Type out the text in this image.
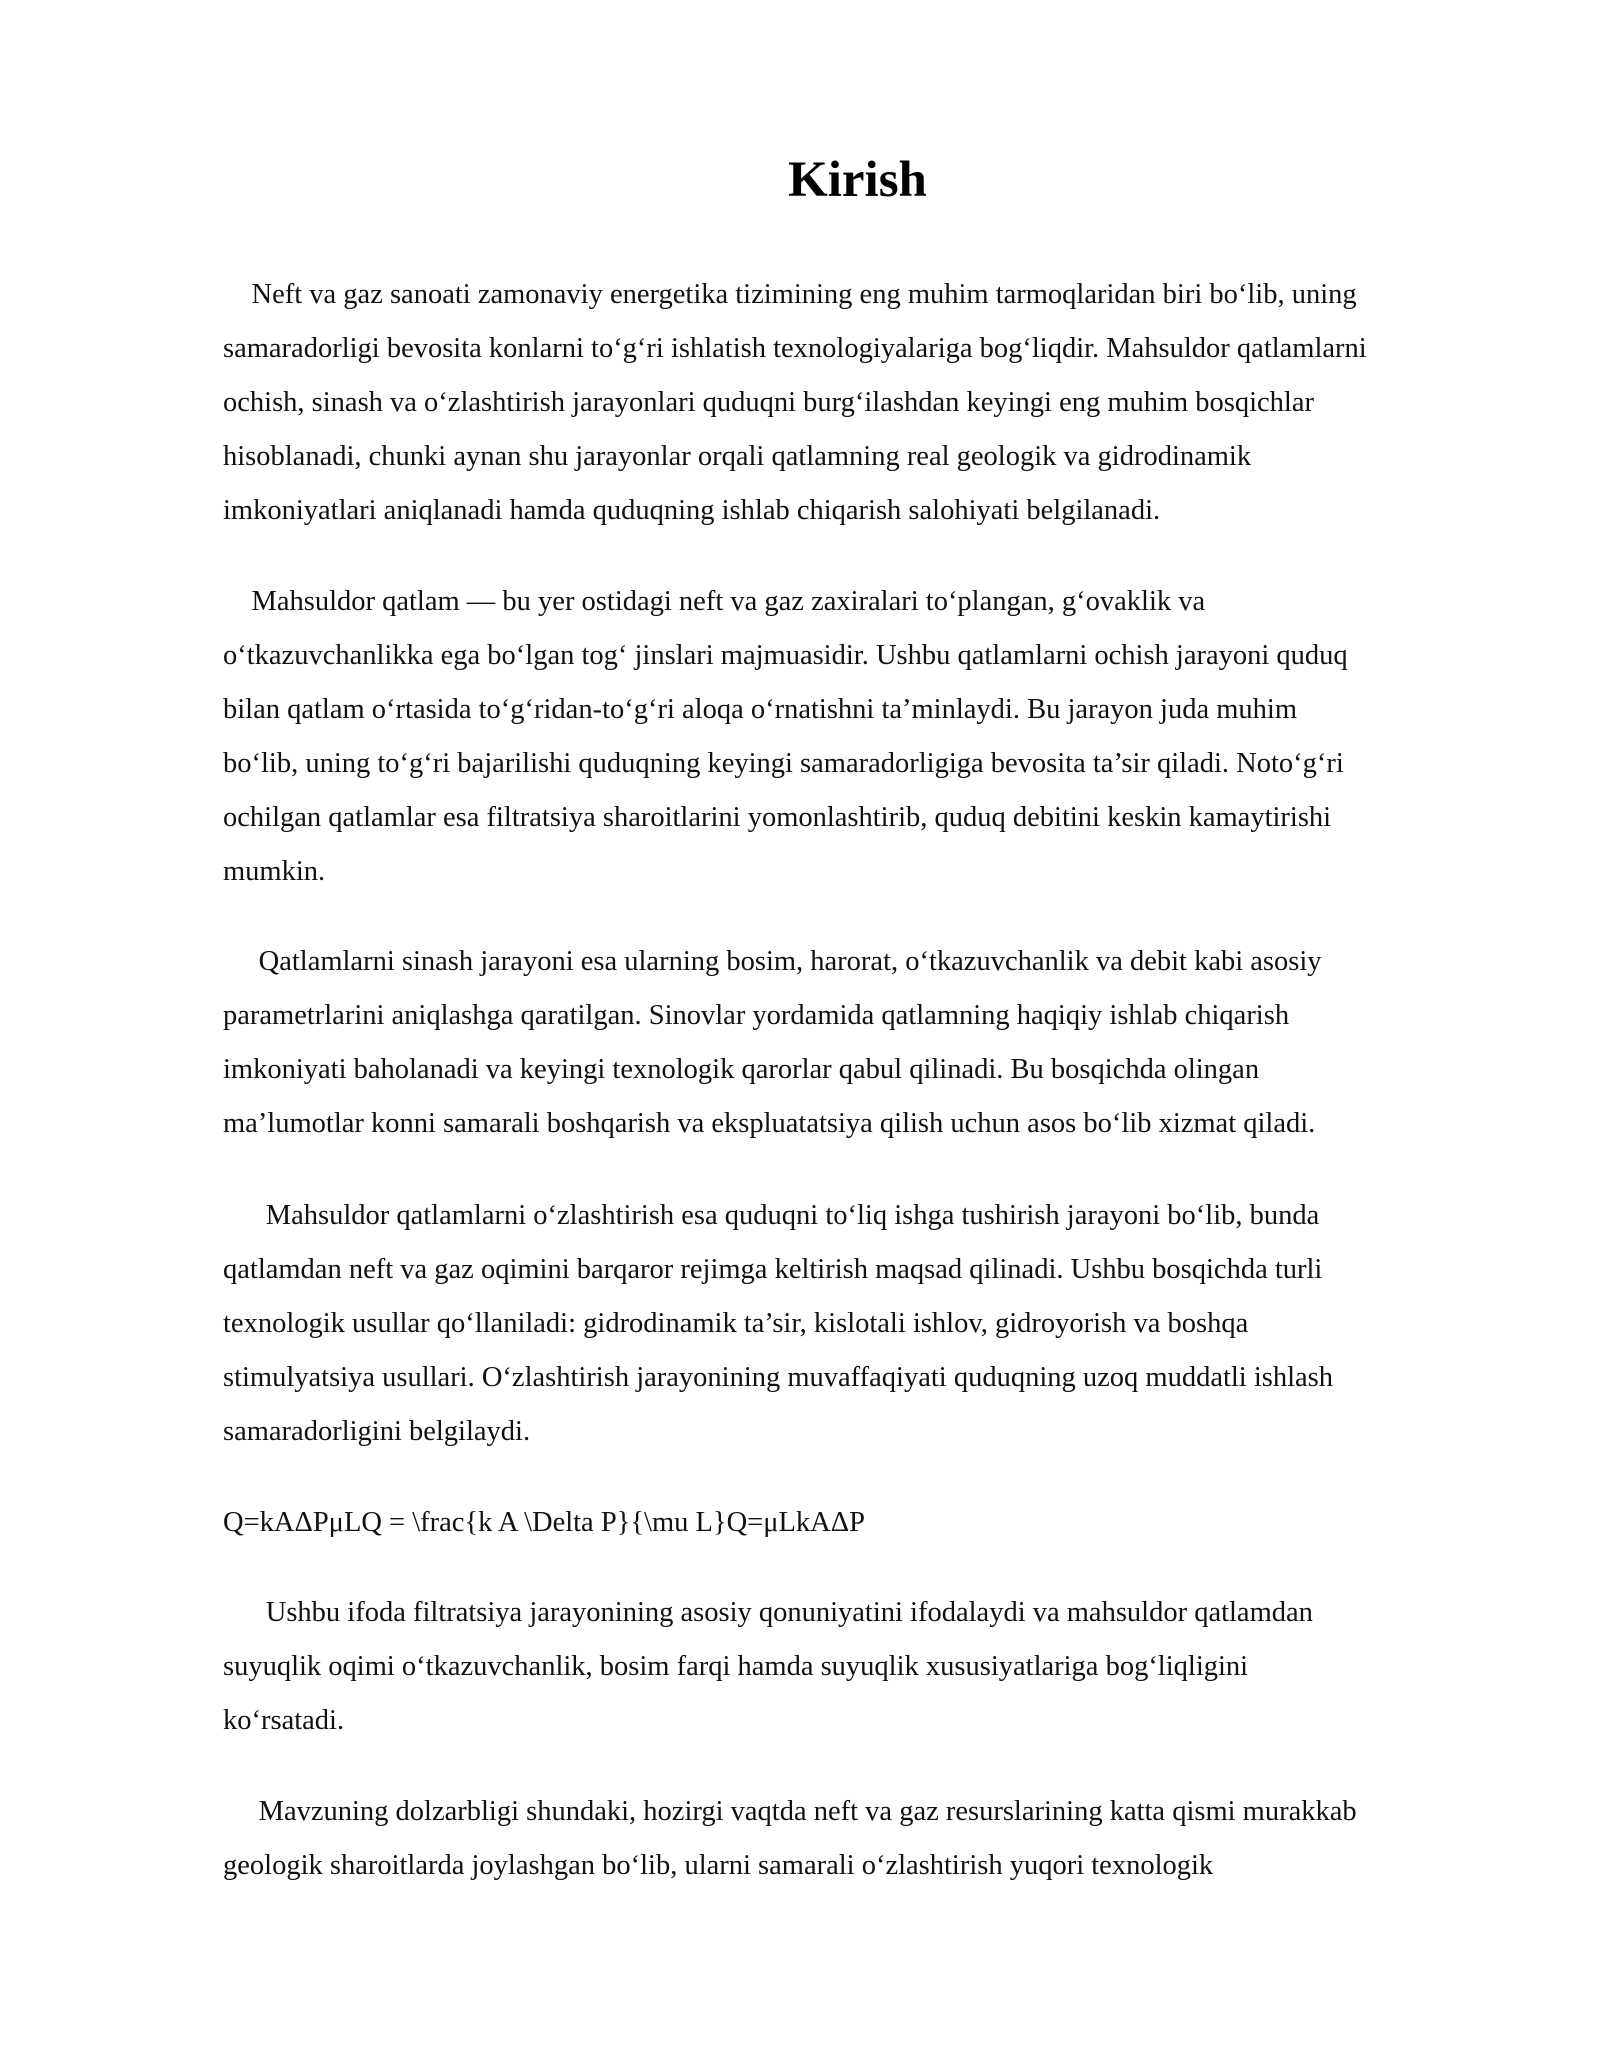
Kirish

Neft va gaz sanoati zamonaviy energetika tizimining eng muhim tarmoqlaridan biri bo‘lib, uning
samaradorligi bevosita konlarni to‘g‘ri ishlatish texnologiyalariga bog‘liqdir. Mahsuldor qatlamlarni
ochish, sinash va o‘zlashtirish jarayonlari quduqni burg‘ilashdan keyingi eng muhim bosqichlar
hisoblanadi, chunki aynan shu jarayonlar orqali qatlamning real geologik va gidrodinamik
imkoniyatlari aniqlanadi hamda quduqning ishlab chiqarish salohiyati belgilanadi.

Mahsuldor qatlam — bu yer ostidagi neft va gaz zaxiralari to‘plangan, g‘ovaklik va
o‘tkazuvchanlikka ega bo‘lgan tog‘ jinslari majmuasidir. Ushbu qatlamlarni ochish jarayoni quduq
bilan qatlam o‘rtasida to‘g‘ridan-to‘g‘ri aloqa o‘rnatishni ta’minlaydi. Bu jarayon juda muhim
bo‘lib, uning to‘g‘ri bajarilishi quduqning keyingi samaradorligiga bevosita ta’sir qiladi. Noto‘g‘ri
ochilgan qatlamlar esa filtratsiya sharoitlarini yomonlashtirib, quduq debitini keskin kamaytirishi
mumkin.

Qatlamlarni sinash jarayoni esa ularning bosim, harorat, o‘tkazuvchanlik va debit kabi asosiy
parametrlarini aniqlashga qaratilgan. Sinovlar yordamida qatlamning haqiqiy ishlab chiqarish
imkoniyati baholanadi va keyingi texnologik qarorlar qabul qilinadi. Bu bosqichda olingan
ma’lumotlar konni samarali boshqarish va ekspluatatsiya qilish uchun asos bo‘lib xizmat qiladi.

Mahsuldor qatlamlarni o‘zlashtirish esa quduqni to‘liq ishga tushirish jarayoni bo‘lib, bunda
qatlamdan neft va gaz oqimini barqaror rejimga keltirish maqsad qilinadi. Ushbu bosqichda turli
texnologik usullar qo‘llaniladi: gidrodinamik ta’sir, kislotali ishlov, gidroyorish va boshqa
stimulyatsiya usullari. O‘zlashtirish jarayonining muvaffaqiyati quduqning uzoq muddatli ishlash
samaradorligini belgilaydi.

Q=kAΔPμLQ = \frac{k A \Delta P}{\mu L}Q=μLkAΔP

Ushbu ifoda filtratsiya jarayonining asosiy qonuniyatini ifodalaydi va mahsuldor qatlamdan
suyuqlik oqimi o‘tkazuvchanlik, bosim farqi hamda suyuqlik xususiyatlariga bog‘liqligini
ko‘rsatadi.

Mavzuning dolzarbligi shundaki, hozirgi vaqtda neft va gaz resurslarining katta qismi murakkab
geologik sharoitlarda joylashgan bo‘lib, ularni samarali o‘zlashtirish yuqori texnologik
